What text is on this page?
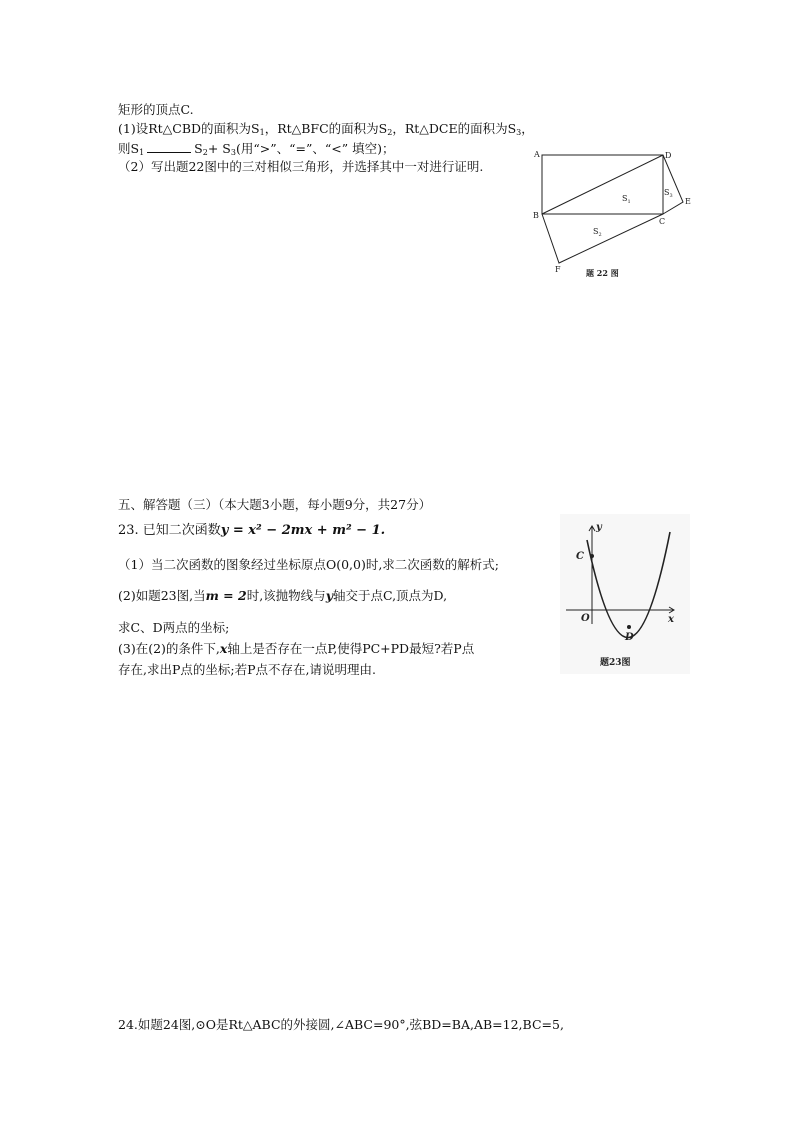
矩形的顶点C.
(1)设Rt△CBD的面积为$S_1$，Rt△BFC的面积为$S_2$，Rt△DCE的面积为$S_3$，
则$S_1$	$S_2+ S_3$(用“>”、“=”、“<” 填空)；
（2）写出题22图中的三对相似三角形，并选择其中一对进行证明.
A	D
B
C
E
F
$S_1$
$S_3$
$S_2$
题 22 图
五、解答题（三）（本大题3小题，每小题9分，共27分）
23. 已知二次函数y = x² − 2mx + m² − 1.
（1）当二次函数的图象经过坐标原点O(0,0)时,求二次函数的解析式;
(2)如题23图,当m = 2时,该抛物线与y轴交于点C,顶点为D,
求C、D两点的坐标;
(3)在(2)的条件下,x轴上是否存在一点P,使得PC+PD最短?若P点
存在,求出P点的坐标;若P点不存在,请说明理由.
y
x
C
O
D
题23图
24.如题24图,⊙O是Rt△ABC的外接圆,∠ABC=90°,弦BD=BA,AB=12,BC=5,
